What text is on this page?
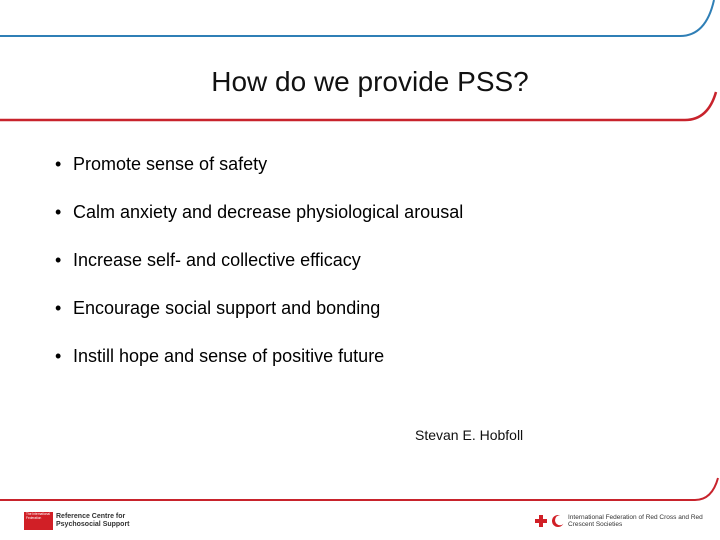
How do we provide PSS?
• Promote sense of safety
• Calm anxiety and decrease physiological arousal
• Increase self- and collective efficacy
• Encourage social support and bonding
• Instill hope and sense of positive future
Stevan E. Hobfoll
The International Federation	Reference Centre for Psychosocial Support
International Federation of Red Cross and Red Crescent Societies
